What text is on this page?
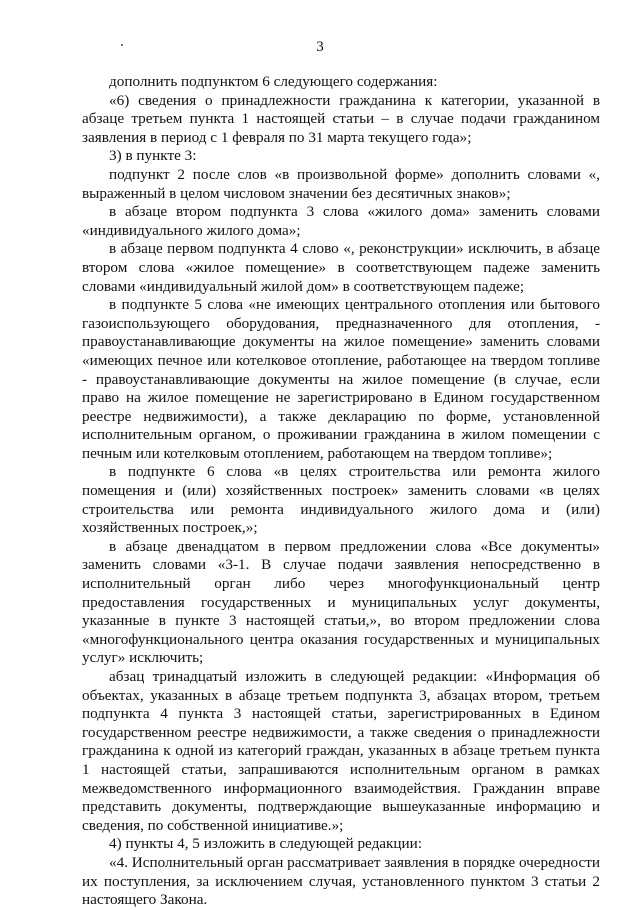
3

дополнить подпунктом 6 следующего содержания:

«6) сведения о принадлежности гражданина к категории, указанной в абзаце третьем пункта 1 настоящей статьи – в случае подачи гражданином заявления в период с 1 февраля по 31 марта текущего года»;

3) в пункте 3:

подпункт 2 после слов «в произвольной форме» дополнить словами «, выраженный в целом числовом значении без десятичных знаков»;

в абзаце втором подпункта 3 слова «жилого дома» заменить словами «индивидуального жилого дома»;

в абзаце первом подпункта 4 слово «, реконструкции» исключить, в абзаце втором слова «жилое помещение» в соответствующем падеже заменить словами «индивидуальный жилой дом» в соответствующем падеже;

в подпункте 5 слова «не имеющих центрального отопления или бытового газоиспользующего оборудования, предназначенного для отопления, - правоустанавливающие документы на жилое помещение» заменить словами «имеющих печное или котелковое отопление, работающее на твердом топливе - правоустанавливающие документы на жилое помещение (в случае, если право на жилое помещение не зарегистрировано в Едином государственном реестре недвижимости), а также декларацию по форме, установленной исполнительным органом, о проживании гражданина в жилом помещении с печным или котелковым отоплением, работающем на твердом топливе»;

в подпункте 6 слова «в целях строительства или ремонта жилого помещения и (или) хозяйственных построек» заменить словами «в целях строительства или ремонта индивидуального жилого дома и (или) хозяйственных построек,»;

в абзаце двенадцатом в первом предложении слова «Все документы» заменить словами «3-1. В случае подачи заявления непосредственно в исполнительный орган либо через многофункциональный центр предоставления государственных и муниципальных услуг документы, указанные в пункте 3 настоящей статьи,», во втором предложении слова «многофункционального центра оказания государственных и муниципальных услуг» исключить;

абзац тринадцатый изложить в следующей редакции: «Информация об объектах, указанных в абзаце третьем подпункта 3, абзацах втором, третьем подпункта 4 пункта 3 настоящей статьи, зарегистрированных в Едином государственном реестре недвижимости, а также сведения о принадлежности гражданина к одной из категорий граждан, указанных в абзаце третьем пункта 1 настоящей статьи, запрашиваются исполнительным органом в рамках межведомственного информационного взаимодействия. Гражданин вправе представить документы, подтверждающие вышеуказанные информацию и сведения, по собственной инициативе.»;

4) пункты 4, 5 изложить в следующей редакции:

«4. Исполнительный орган рассматривает заявления в порядке очередности их поступления, за исключением случая, установленного пунктом 3 статьи 2 настоящего Закона.
